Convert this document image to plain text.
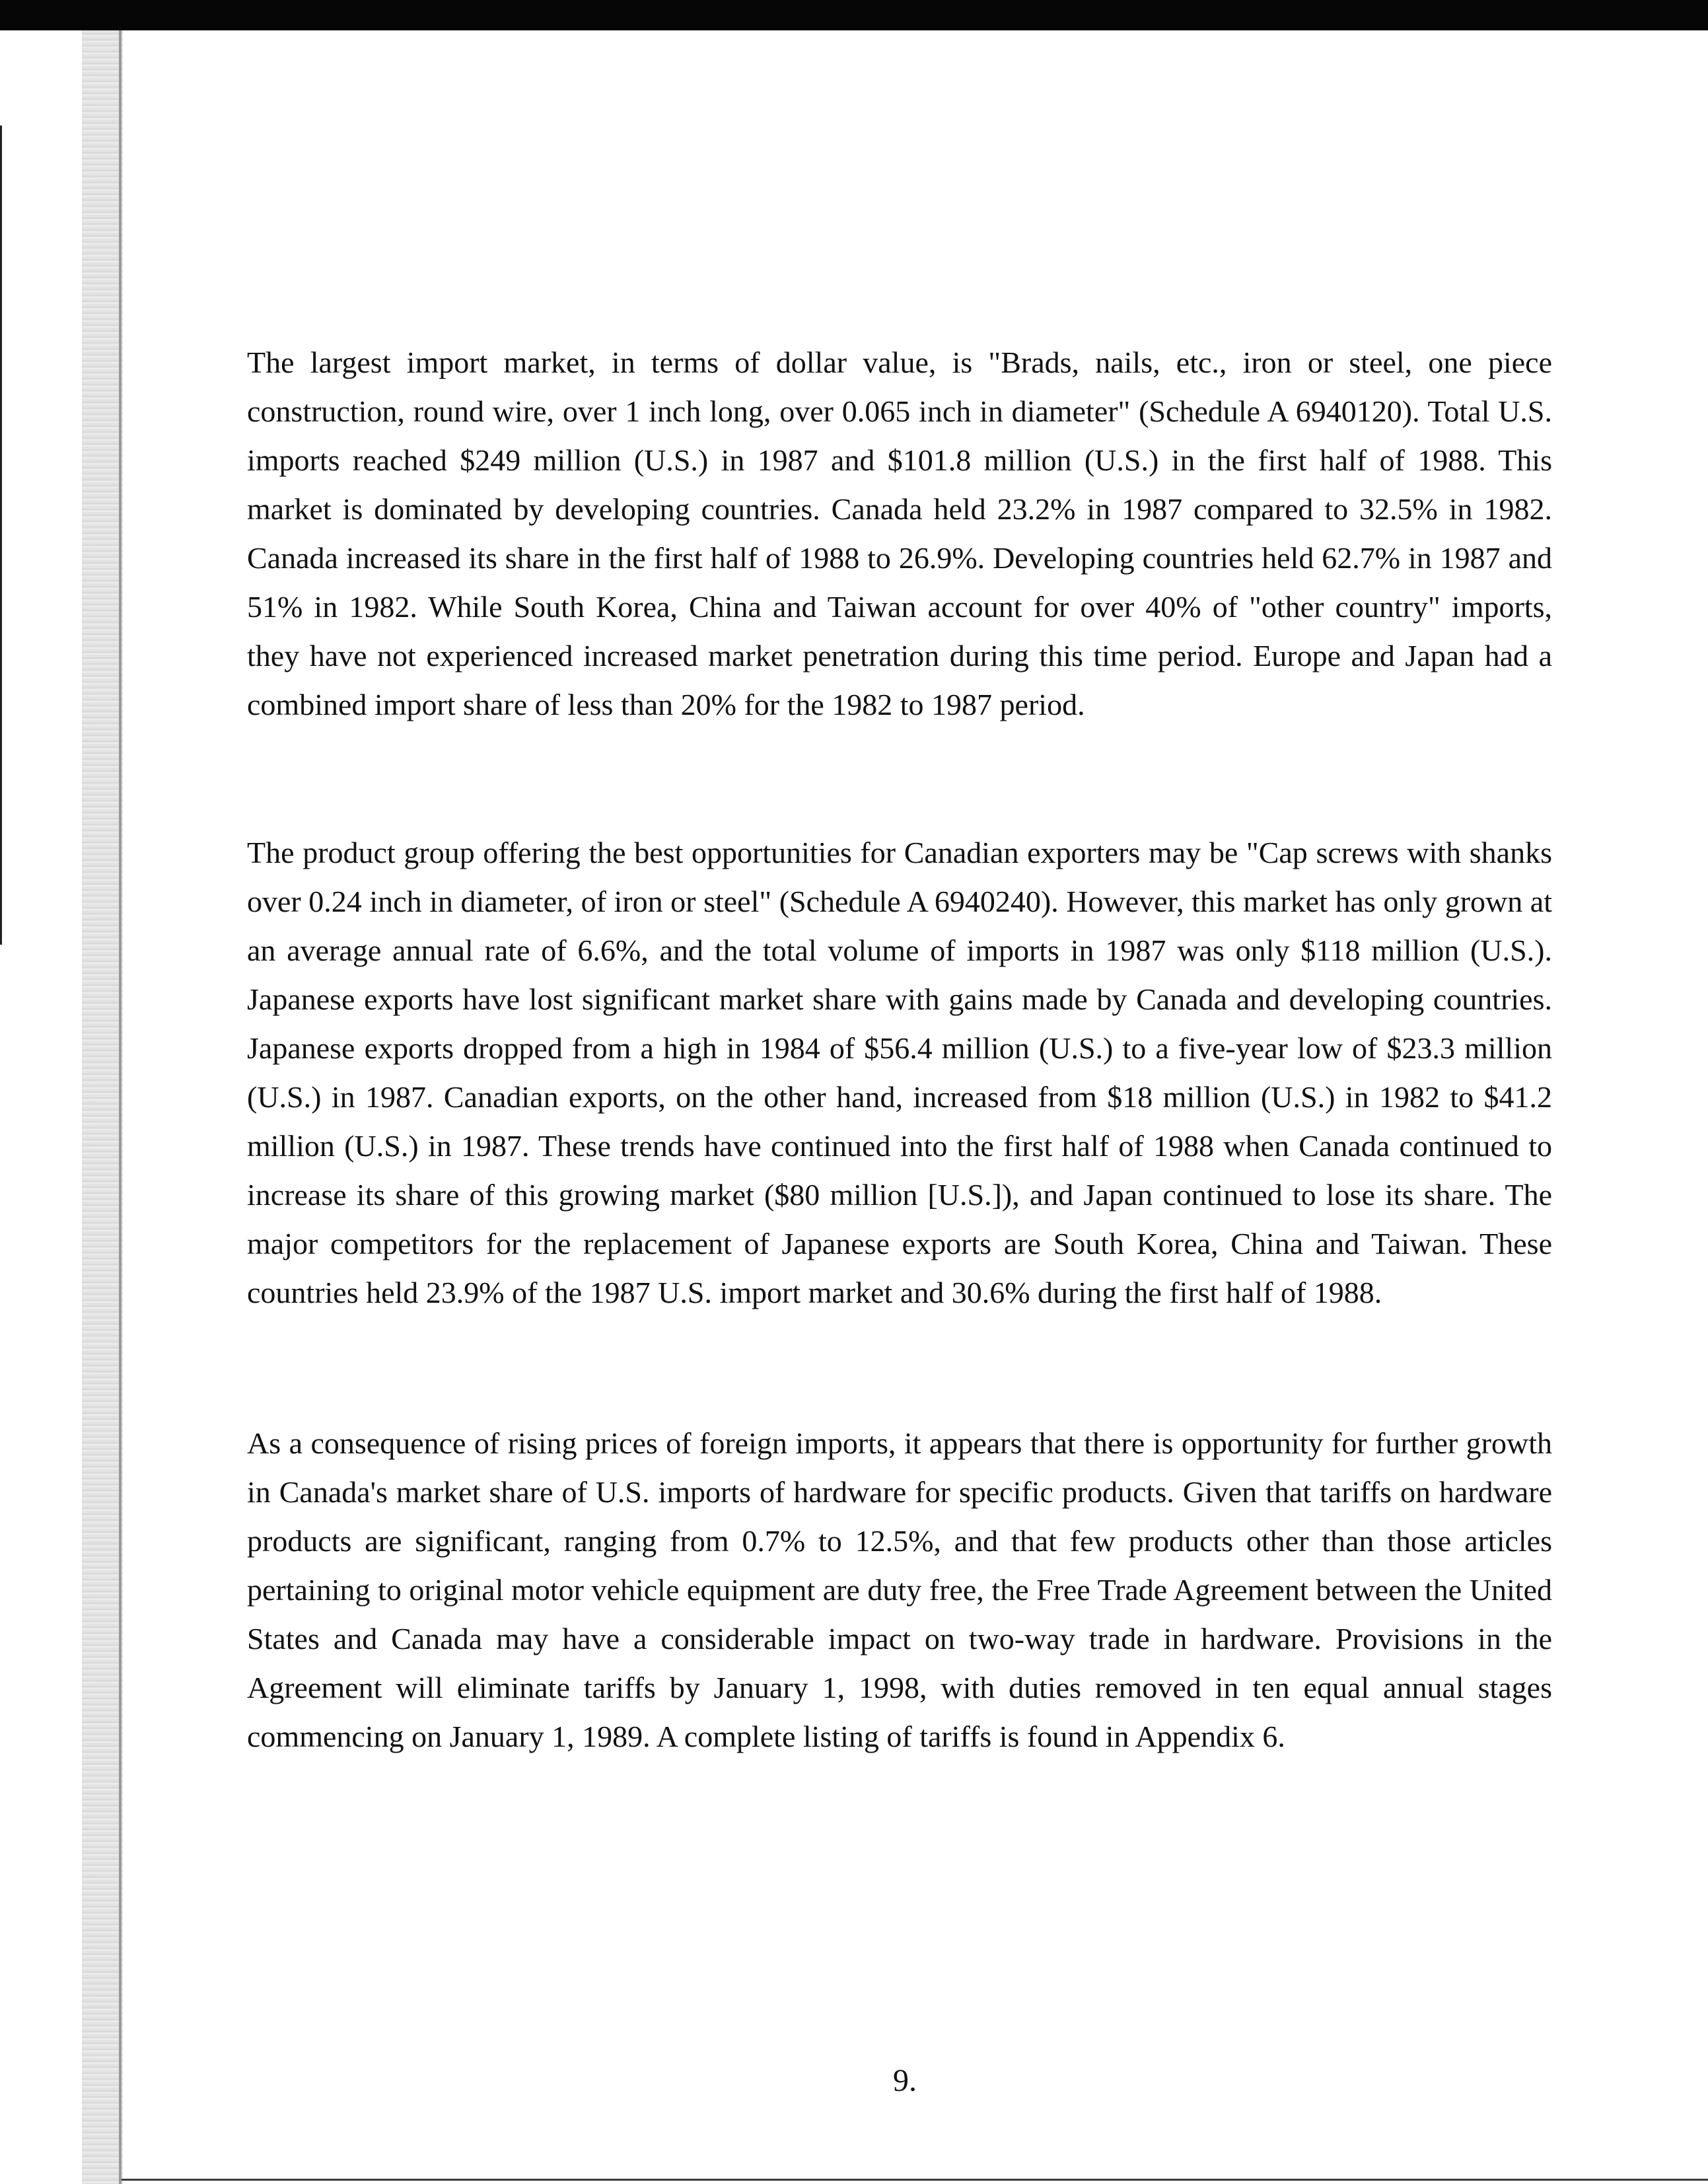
The largest import market, in terms of dollar value, is "Brads, nails, etc., iron or steel, one piece construction, round wire, over 1 inch long, over 0.065 inch in diameter" (Schedule A 6940120). Total U.S. imports reached $249 million (U.S.) in 1987 and $101.8 million (U.S.) in the first half of 1988. This market is dominated by developing countries. Canada held 23.2% in 1987 compared to 32.5% in 1982. Canada increased its share in the first half of 1988 to 26.9%. Developing countries held 62.7% in 1987 and 51% in 1982. While South Korea, China and Taiwan account for over 40% of "other country" imports, they have not experienced increased market penetration during this time period. Europe and Japan had a combined import share of less than 20% for the 1982 to 1987 period.

The product group offering the best opportunities for Canadian exporters may be "Cap screws with shanks over 0.24 inch in diameter, of iron or steel" (Schedule A 6940240). However, this market has only grown at an average annual rate of 6.6%, and the total volume of imports in 1987 was only $118 million (U.S.). Japanese exports have lost significant market share with gains made by Canada and developing countries. Japanese exports dropped from a high in 1984 of $56.4 million (U.S.) to a five-year low of $23.3 million (U.S.) in 1987. Canadian exports, on the other hand, increased from $18 million (U.S.) in 1982 to $41.2 million (U.S.) in 1987. These trends have continued into the first half of 1988 when Canada continued to increase its share of this growing market ($80 million [U.S.]), and Japan continued to lose its share. The major competitors for the replacement of Japanese exports are South Korea, China and Taiwan. These countries held 23.9% of the 1987 U.S. import market and 30.6% during the first half of 1988.

As a consequence of rising prices of foreign imports, it appears that there is opportunity for further growth in Canada's market share of U.S. imports of hardware for specific products. Given that tariffs on hardware products are significant, ranging from 0.7% to 12.5%, and that few products other than those articles pertaining to original motor vehicle equipment are duty free, the Free Trade Agreement between the United States and Canada may have a considerable impact on two-way trade in hardware. Provisions in the Agreement will eliminate tariffs by January 1, 1998, with duties removed in ten equal annual stages commencing on January 1, 1989. A complete listing of tariffs is found in Appendix 6.

9.
